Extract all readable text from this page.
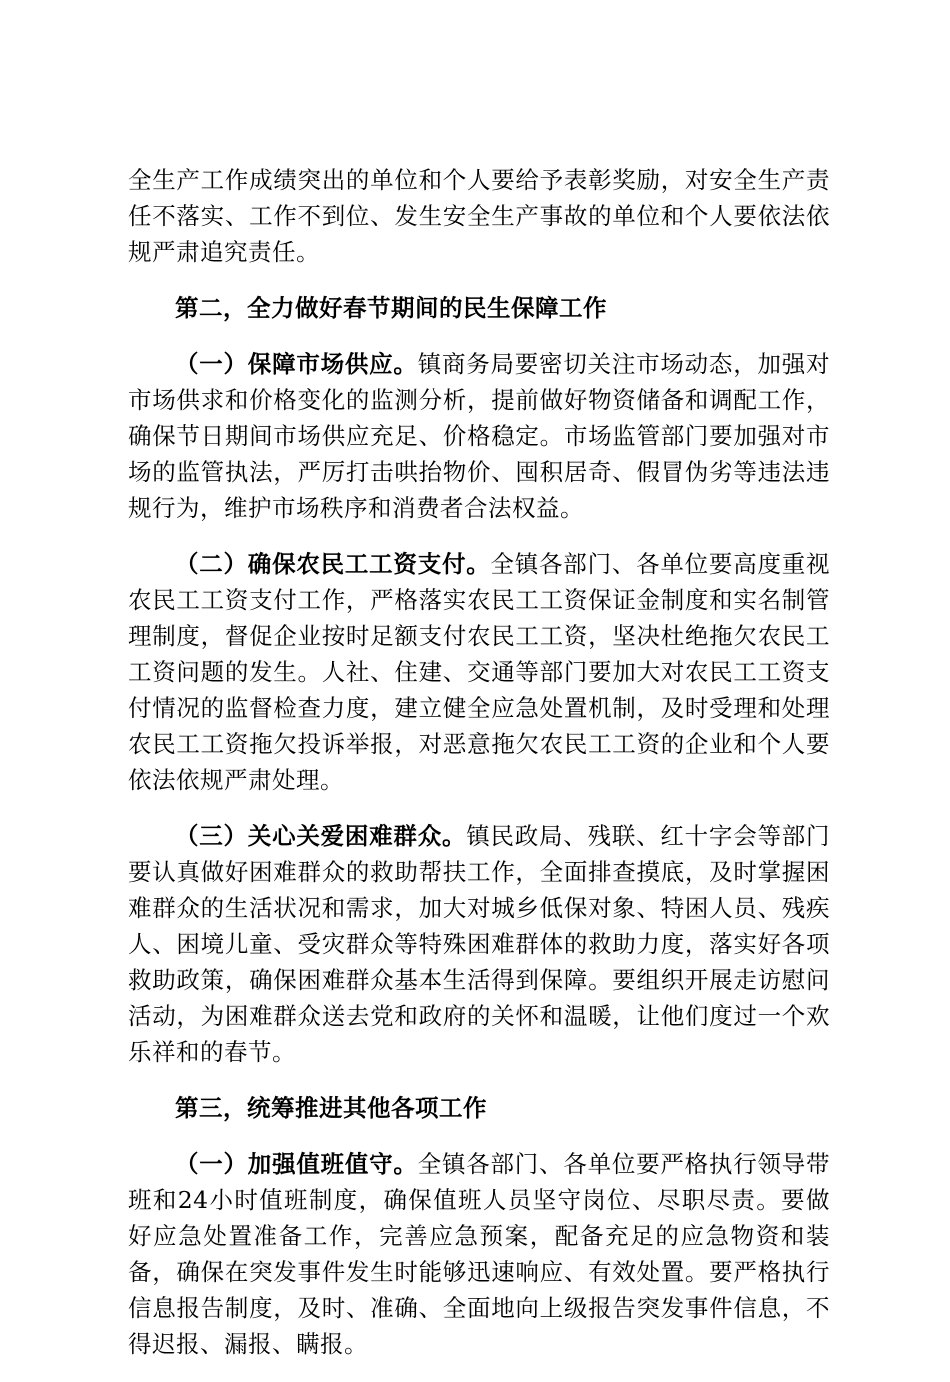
全生产工作成绩突出的单位和个人要给予表彰奖励，对安全生产责任不落实、工作不到位、发生安全生产事故的单位和个人要依法依规严肃追究责任。

第二，全力做好春节期间的民生保障工作

（一）保障市场供应。镇商务局要密切关注市场动态，加强对市场供求和价格变化的监测分析，提前做好物资储备和调配工作，确保节日期间市场供应充足、价格稳定。市场监管部门要加强对市场的监管执法，严厉打击哄抬物价、囤积居奇、假冒伪劣等违法违规行为，维护市场秩序和消费者合法权益。

（二）确保农民工工资支付。全镇各部门、各单位要高度重视农民工工资支付工作，严格落实农民工工资保证金制度和实名制管理制度，督促企业按时足额支付农民工工资，坚决杜绝拖欠农民工工资问题的发生。人社、住建、交通等部门要加大对农民工工资支付情况的监督检查力度，建立健全应急处置机制，及时受理和处理农民工工资拖欠投诉举报，对恶意拖欠农民工工资的企业和个人要依法依规严肃处理。

（三）关心关爱困难群众。镇民政局、残联、红十字会等部门要认真做好困难群众的救助帮扶工作，全面排查摸底，及时掌握困难群众的生活状况和需求，加大对城乡低保对象、特困人员、残疾人、困境儿童、受灾群众等特殊困难群体的救助力度，落实好各项救助政策，确保困难群众基本生活得到保障。要组织开展走访慰问活动，为困难群众送去党和政府的关怀和温暖，让他们度过一个欢乐祥和的春节。

第三，统筹推进其他各项工作

（一）加强值班值守。全镇各部门、各单位要严格执行领导带班和24小时值班制度，确保值班人员坚守岗位、尽职尽责。要做好应急处置准备工作，完善应急预案，配备充足的应急物资和装备，确保在突发事件发生时能够迅速响应、有效处置。要严格执行信息报告制度，及时、准确、全面地向上级报告突发事件信息，不得迟报、漏报、瞒报。
